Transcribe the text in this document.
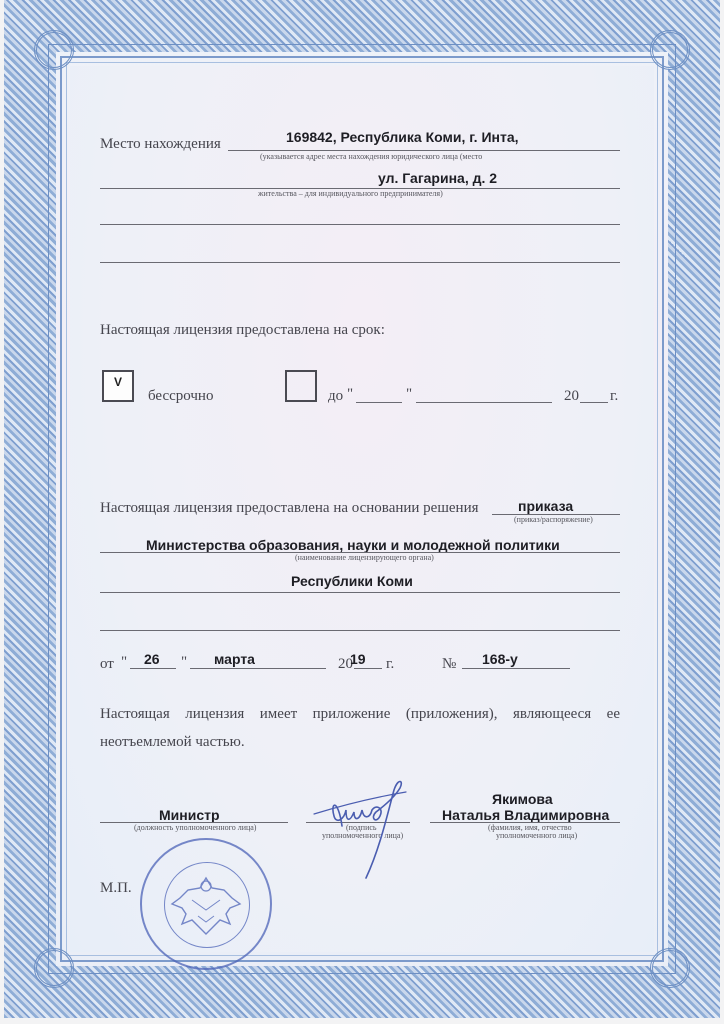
Место нахождения	169842, Республика Коми, г. Инта,
(указывается адрес места нахождения юридического лица (место
ул. Гагарина, д. 2
жительства – для индивидуального предпринимателя)
Настоящая лицензия предоставлена на срок:
V
бессрочно	до "	"	20 г.
Настоящая лицензия предоставлена на основании решения	приказа
(приказ/распоряжение)
Министерства образования, науки и молодежной политики
(наименование лицензирующего органа)
Республики Коми
от " 26 " марта	20
19 г.	№ 168-у
Настоящая лицензия имеет приложение (приложения), являющееся ее
неотъемлемой частью.
Министр
(должность уполномоченного лица)	(подпись
уполномоченного лица)
Якимова
Наталья Владимировна
(фамилия, имя, отчество
уполномоченного лица)
М.П.
